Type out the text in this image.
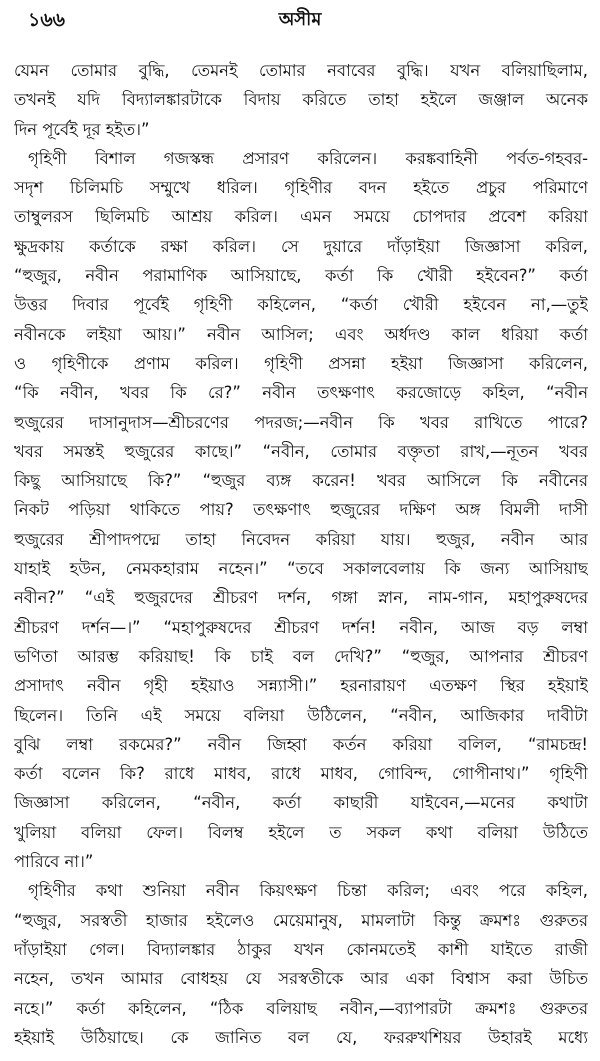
১৬৬	অসীম
যেমন তোমার বুদ্ধি, তেমনই তোমার নবাবের বুদ্ধি। যখন বলিয়াছিলাম,
তখনই যদি বিদ্যালঙ্কারটাকে বিদায় করিতে তাহা হইলে জঞ্জাল অনেক
দিন পূর্বেই দূর হইত।”
গৃহিণী বিশাল গজস্কন্ধ প্রসারণ করিলেন। করঙ্কবাহিনী পর্বত-গহবর-
সদৃশ চিলিমচি সম্মুখে ধরিল। গৃহিণীর বদন হইতে প্রচুর পরিমাণে
তাম্বুলরস ছিলিমচি আশ্রয় করিল। এমন সময়ে চোপদার প্রবেশ করিয়া
ক্ষুদ্রকায় কর্তাকে রক্ষা করিল। সে দুয়ারে দাঁড়াইয়া জিজ্ঞাসা করিল,
“হুজুর, নবীন পরামাণিক আসিয়াছে, কর্তা কি খৌরী হইবেন?” কর্তা
উত্তর দিবার পূর্বেই গৃহিণী কহিলেন, “কর্তা খৌরী হইবেন না,—তুই
নবীনকে লইয়া আয়।” নবীন আসিল; এবং অর্ধদণ্ড কাল ধরিয়া কর্তা
ও গৃহিণীকে প্রণাম করিল। গৃহিণী প্রসন্না হইয়া জিজ্ঞাসা করিলেন,
“কি নবীন, খবর কি রে?” নবীন তৎক্ষণাৎ করজোড়ে কহিল, “নবীন
হুজুরের দাসানুদাস—শ্রীচরণের পদরজ;—নবীন কি খবর রাখিতে পারে?
খবর সমস্তই হুজুরের কাছে।” “নবীন, তোমার বক্তৃতা রাখ,—নূতন খবর
কিছু আসিয়াছে কি?” “হুজুর ব্যঙ্গ করেন! খবর আসিলে কি নবীনের
নিকট পড়িয়া থাকিতে পায়? তৎক্ষণাৎ হুজুরের দক্ষিণ অঙ্গ বিমলী দাসী
হুজুরের শ্রীপাদপদ্মে তাহা নিবেদন করিয়া যায়। হুজুর, নবীন আর
যাহাই হউন, নেমকহারাম নহেন।” “তবে সকালবেলায় কি জন্য আসিয়াছ
নবীন?” “এই হুজুরদের শ্রীচরণ দর্শন, গঙ্গা স্নান, নাম-গান, মহাপুরুষদের
শ্রীচরণ দর্শন—।” “মহাপুরুষদের শ্রীচরণ দর্শন! নবীন, আজ বড় লম্বা
ভণিতা আরম্ভ করিয়াছ! কি চাই বল দেখি?” “হুজুর, আপনার শ্রীচরণ
প্রসাদাৎ নবীন গৃহী হইয়াও সন্ন্যাসী।” হরনারায়ণ এতক্ষণ স্থির হইয়াই
ছিলেন। তিনি এই সময়ে বলিয়া উঠিলেন, “নবীন, আজিকার দাবীটা
বুঝি লম্বা রকমের?” নবীন জিহ্বা কর্তন করিয়া বলিল, “রামচন্দ্র!
কর্তা বলেন কি? রাধে মাধব, রাধে মাধব, গোবিন্দ, গোপীনাথ।” গৃহিণী
জিজ্ঞাসা করিলেন, “নবীন, কর্তা কাছারী যাইবেন,—মনের কথাটা
খুলিয়া বলিয়া ফেল। বিলম্ব হইলে ত সকল কথা বলিয়া উঠিতে
পারিবে না।”
গৃহিণীর কথা শুনিয়া নবীন কিয়ৎক্ষণ চিন্তা করিল; এবং পরে কহিল,
“হুজুর, সরস্বতী হাজার হইলেও মেয়েমানুষ, মামলাটা কিন্তু ক্রমশঃ গুরুতর
দাঁড়াইয়া গেল। বিদ্যালঙ্কার ঠাকুর যখন কোনমতেই কাশী যাইতে রাজী
নহেন, তখন আমার বোধহয় যে সরস্বতীকে আর একা বিশ্বাস করা উচিত
নহে।” কর্তা কহিলেন, “ঠিক বলিয়াছ নবীন,—ব্যাপারটা ক্রমশঃ গুরুতর
হইয়াই উঠিয়াছে। কে জানিত বল যে, ফররুখশিয়র উহারই মধ্যে
